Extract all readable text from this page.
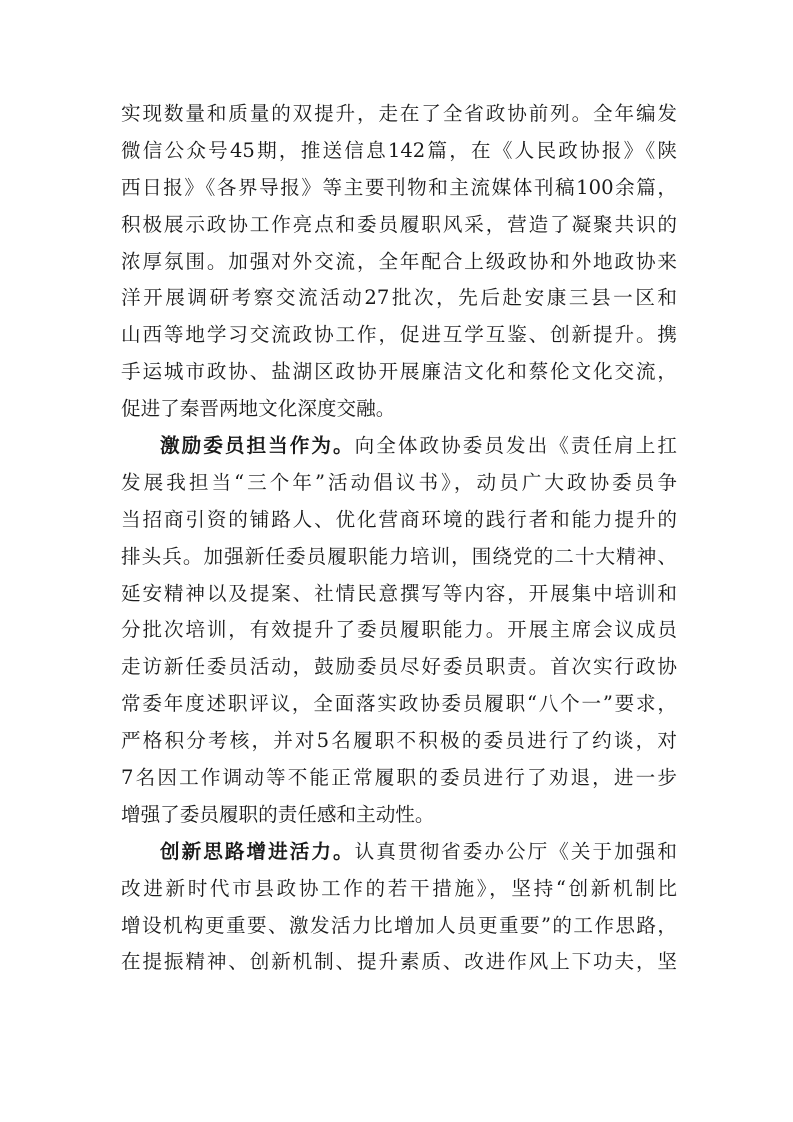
实现数量和质量的双提升，走在了全省政协前列。全年编发
微信公众号45期，推送信息142篇，在《人民政协报》《陕
西日报》《各界导报》等主要刊物和主流媒体刊稿100余篇，
积极展示政协工作亮点和委员履职风采，营造了凝聚共识的
浓厚氛围。加强对外交流，全年配合上级政协和外地政协来
洋开展调研考察交流活动27批次，先后赴安康三县一区和
山西等地学习交流政协工作，促进互学互鉴、创新提升。携
手运城市政协、盐湖区政协开展廉洁文化和蔡伦文化交流，
促进了秦晋两地文化深度交融。
激励委员担当作为。向全体政协委员发出《责任肩上扛
发展我担当“三个年”活动倡议书》，动员广大政协委员争
当招商引资的铺路人、优化营商环境的践行者和能力提升的
排头兵。加强新任委员履职能力培训，围绕党的二十大精神、
延安精神以及提案、社情民意撰写等内容，开展集中培训和
分批次培训，有效提升了委员履职能力。开展主席会议成员
走访新任委员活动，鼓励委员尽好委员职责。首次实行政协
常委年度述职评议，全面落实政协委员履职“八个一”要求，
严格积分考核，并对5名履职不积极的委员进行了约谈，对
7名因工作调动等不能正常履职的委员进行了劝退，进一步
增强了委员履职的责任感和主动性。
创新思路增进活力。认真贯彻省委办公厅《关于加强和
改进新时代市县政协工作的若干措施》，坚持“创新机制比
增设机构更重要、激发活力比增加人员更重要”的工作思路，
在提振精神、创新机制、提升素质、改进作风上下功夫，坚
